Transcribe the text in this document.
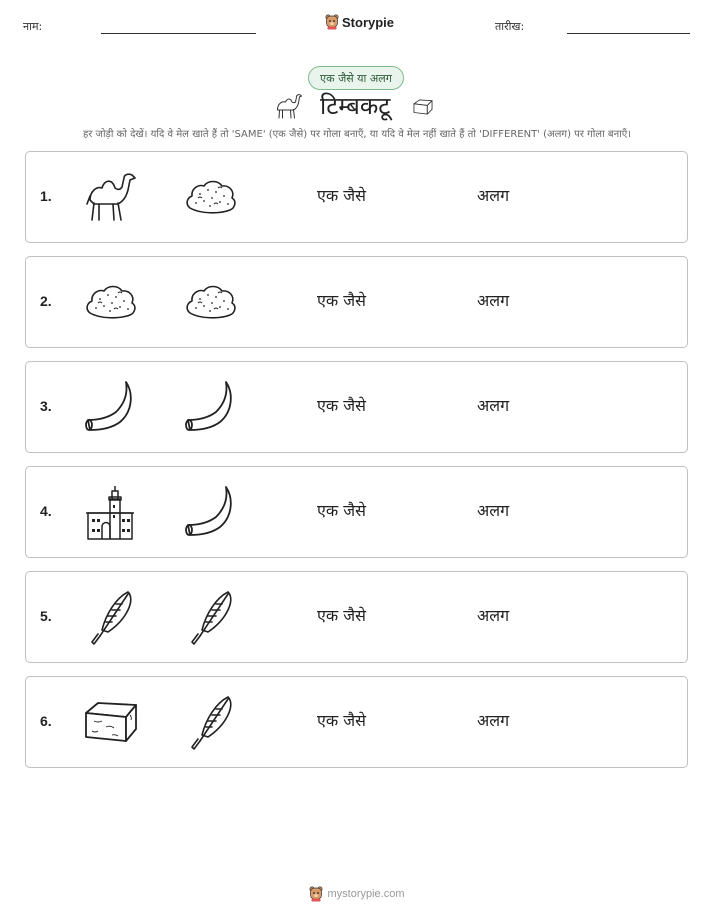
नाम:	Storypie	तारीख:
एक जैसे या अलग
टिम्बकटू
हर जोड़ी को देखें। यदि वे मेल खाते हैं तो 'SAME' (एक जैसे) पर गोला बनाएँ, या यदि वे मेल नहीं खाते हैं तो 'DIFFERENT' (अलग) पर गोला बनाएँ।
1.	एक जैसे	अलग
2.	एक जैसे	अलग
3.	एक जैसे	अलग
4.	एक जैसे	अलग
5.	एक जैसे	अलग
6.	एक जैसे	अलग
mystorypie.com
